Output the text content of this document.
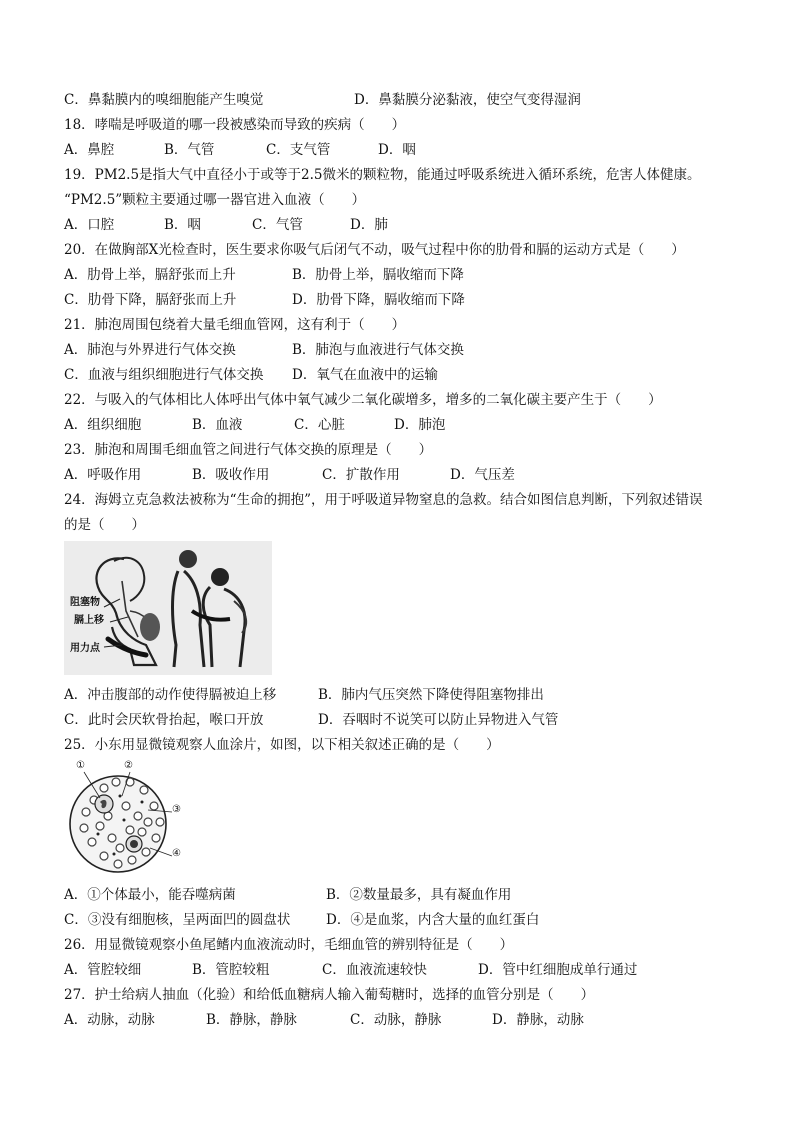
C．鼻黏膜内的嗅细胞能产生嗅觉	D．鼻黏膜分泌黏液，使空气变得湿润
18．哮喘是呼吸道的哪一段被感染而导致的疾病（　　）
A．鼻腔	B．气管	C．支气管	D．咽
19．PM2.5是指大气中直径小于或等于2.5微米的颗粒物，能通过呼吸系统进入循环系统，危害人体健康。
“PM2.5”颗粒主要通过哪一器官进入血液（　　）
A．口腔	B．咽	C．气管	D．肺
20．在做胸部X光检查时，医生要求你吸气后闭气不动，吸气过程中你的肋骨和膈的运动方式是（　　）
A．肋骨上举，膈舒张而上升	B．肋骨上举，膈收缩而下降
C．肋骨下降，膈舒张而上升	D．肋骨下降，膈收缩而下降
21．肺泡周围包绕着大量毛细血管网，这有利于（　　）
A．肺泡与外界进行气体交换	B．肺泡与血液进行气体交换
C．血液与组织细胞进行气体交换 D．氧气在血液中的运输
22．与吸入的气体相比人体呼出气体中氧气减少二氧化碳增多，增多的二氧化碳主要产生于（　　）
A．组织细胞	B．血液	C．心脏	D．肺泡
23．肺泡和周围毛细血管之间进行气体交换的原理是（　　）
A．呼吸作用	B．吸收作用	C．扩散作用	D．气压差
24．海姆立克急救法被称为“生命的拥抱”，用于呼吸道异物窒息的急救。结合如图信息判断，下列叙述错误
的是（　　）
阻塞物
膈上移
用力点
A．冲击腹部的动作使得膈被迫上移	B．肺内气压突然下降使得阻塞物排出
C．此时会厌软骨抬起，喉口开放	D．吞咽时不说笑可以防止异物进入气管
25．小东用显微镜观察人血涂片，如图，以下相关叙述正确的是（　　）
①	②
③
④
A．①个体最小，能吞噬病菌	B．②数量最多，具有凝血作用
C．③没有细胞核，呈两面凹的圆盘状	D．④是血浆，内含大量的血红蛋白
26．用显微镜观察小鱼尾鳍内血液流动时，毛细血管的辨别特征是（　　）
A．管腔较细	B．管腔较粗	C．血液流速较快	D．管中红细胞成单行通过
27．护士给病人抽血（化验）和给低血糖病人输入葡萄糖时，选择的血管分别是（　　）
A．动脉，动脉	B．静脉，静脉	C．动脉，静脉	D．静脉，动脉
